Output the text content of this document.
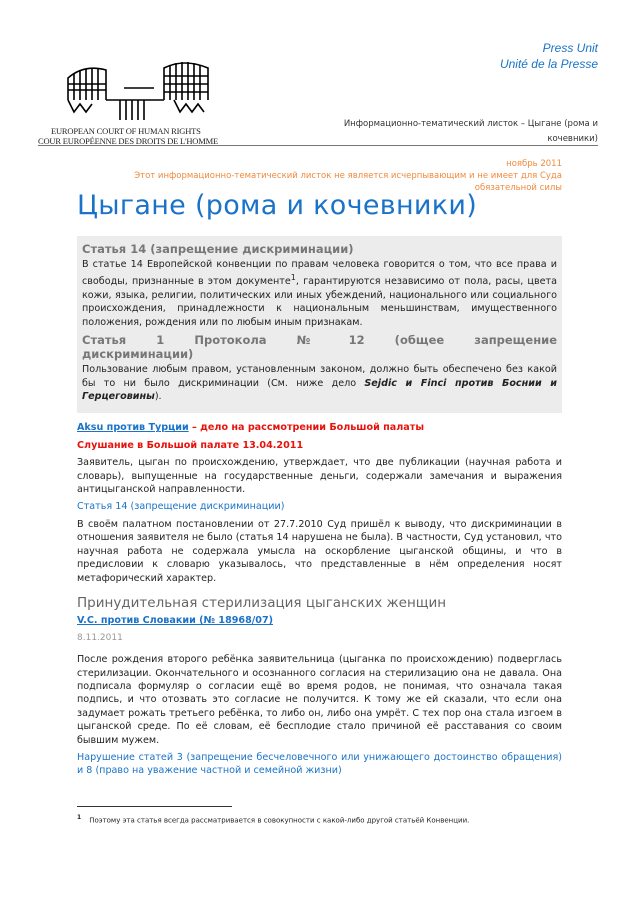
Press Unit
Unité de la Presse
EUROPEAN COURT OF HUMAN RIGHTS
COUR EUROPÉENNE DES DROITS DE L'HOMME
Информационно-тематический листок – Цыгане (рома и кочевники)
ноябрь 2011
Этот информационно-тематический листок не является исчерпывающим и не имеет для Суда обязательной силы
Цыгане (рома и кочевники)
Статья 14 (запрещение дискриминации)

В статье 14 Европейской конвенции по правам человека говорится о том, что все права и свободы, признанные в этом документе$^1$, гарантируются независимо от пола, расы, цвета кожи, языка, религии, политических или иных убеждений, национального или социального происхождения, принадлежности к национальным меньшинствам, имущественного положения, рождения или по любым иным признакам.

Статья 1 Протокола № 12 (общее запрещение дискриминации)

Пользование любым правом, установленным законом, должно быть обеспечено без какой бы то ни было дискриминации (См. ниже дело Sejdic и Finci против Боснии и Герцеговины).

Aksu против Турции – дело на рассмотрении Большой палаты

Слушание в Большой палате 13.04.2011

Заявитель, цыган по происхождению, утверждает, что две публикации (научная работа и словарь), выпущенные на государственные деньги, содержали замечания и выражения антицыганской направленности.

Статья 14 (запрещение дискриминации)

В своём палатном постановлении от 27.7.2010 Суд пришёл к выводу, что дискриминации в отношения заявителя не было (статья 14 нарушена не была). В частности, Суд установил, что научная работа не содержала умысла на оскорбление цыганской общины, и что в предисловии к словарю указывалось, что представленные в нём определения носят метафорический характер.

Принудительная стерилизация цыганских женщин

V.C. против Словакии (№ 18968/07)

8.11.2011

После рождения второго ребёнка заявительница (цыганка по происхождению) подверглась стерилизации. Окончательного и осознанного согласия на стерилизацию она не давала. Она подписала формуляр о согласии ещё во время родов, не понимая, что означала такая подпись, и что отозвать это согласие не получится. К тому же ей сказали, что если она задумает рожать третьего ребёнка, то либо он, либо она умрёт. С тех пор она стала изгоем в цыганской среде. По её словам, её бесплодие стало причиной её расставания со своим бывшим мужем.

Нарушение статей 3 (запрещение бесчеловечного или унижающего достоинство обращения) и 8 (право на уважение частной и семейной жизни)

$^1$ Поэтому эта статья всегда рассматривается в совокупности с какой-либо другой статьёй Конвенции.
